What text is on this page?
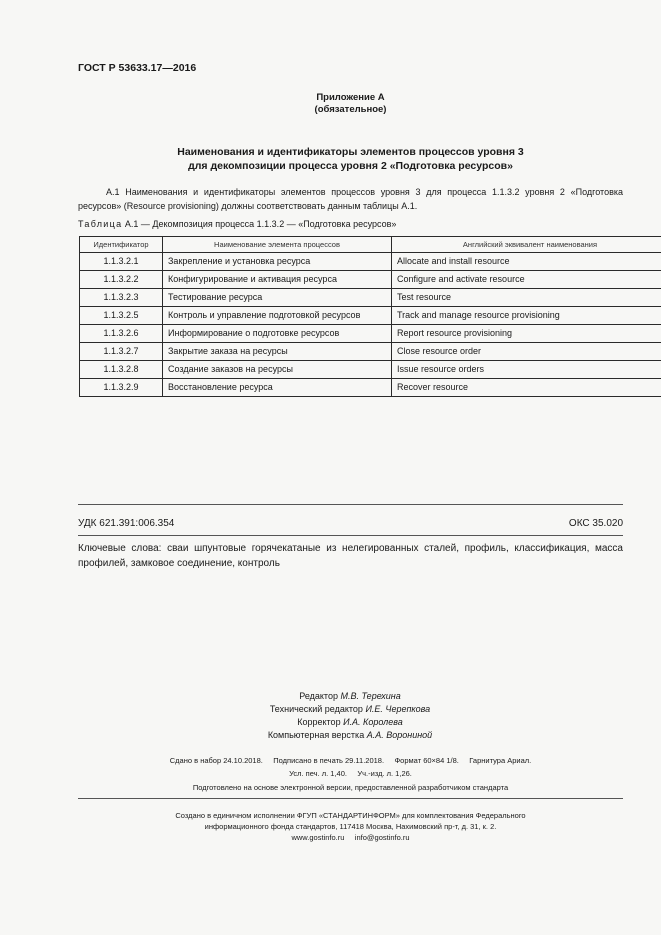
ГОСТ Р 53633.17—2016
Приложение А
(обязательное)
Наименования и идентификаторы элементов процессов уровня 3
для декомпозиции процесса уровня 2 «Подготовка ресурсов»
А.1 Наименования и идентификаторы элементов процессов уровня 3 для процесса 1.1.3.2 уровня 2 «Подготовка ресурсов» (Resource provisioning) должны соответствовать данным таблицы А.1.
Таблица А.1 — Декомпозиция процесса 1.1.3.2 — «Подготовка ресурсов»
Идентификатор	Наименование элемента процессов	Английский эквивалент наименования
1.1.3.2.1	Закрепление и установка ресурса	Allocate and install resource
1.1.3.2.2	Конфигурирование и активация ресурса	Configure and activate resource
1.1.3.2.3	Тестирование ресурса	Test resource
1.1.3.2.5	Контроль и управление подготовкой ресурсов	Track and manage resource provisioning
1.1.3.2.6	Информирование о подготовке ресурсов	Report resource provisioning
1.1.3.2.7	Закрытие заказа на ресурсы	Close resource order
1.1.3.2.8	Создание заказов на ресурсы	Issue resource orders
1.1.3.2.9	Восстановление ресурса	Recover resource
УДК 621.391:006.354	ОКС 35.020
Ключевые слова: сваи шпунтовые горячекатаные из нелегированных сталей, профиль, классификация, масса профилей, замковое соединение, контроль
Редактор М.В. Терехина
Технический редактор И.Е. Черепкова
Корректор И.А. Королева
Компьютерная верстка А.А. Ворониной
Сдано в набор 24.10.2018.     Подписано в печать 29.11.2018.     Формат 60×84 1/8.     Гарнитура Ариал.
Усл. печ. л. 1,40.     Уч.-изд. л. 1,26.
Подготовлено на основе электронной версии, предоставленной разработчиком стандарта
Создано в единичном исполнении ФГУП «СТАНДАРТИНФОРМ» для комплектования Федерального
информационного фонда стандартов, 117418 Москва, Нахимовский пр-т, д. 31, к. 2.
www.gostinfo.ru     info@gostinfo.ru
